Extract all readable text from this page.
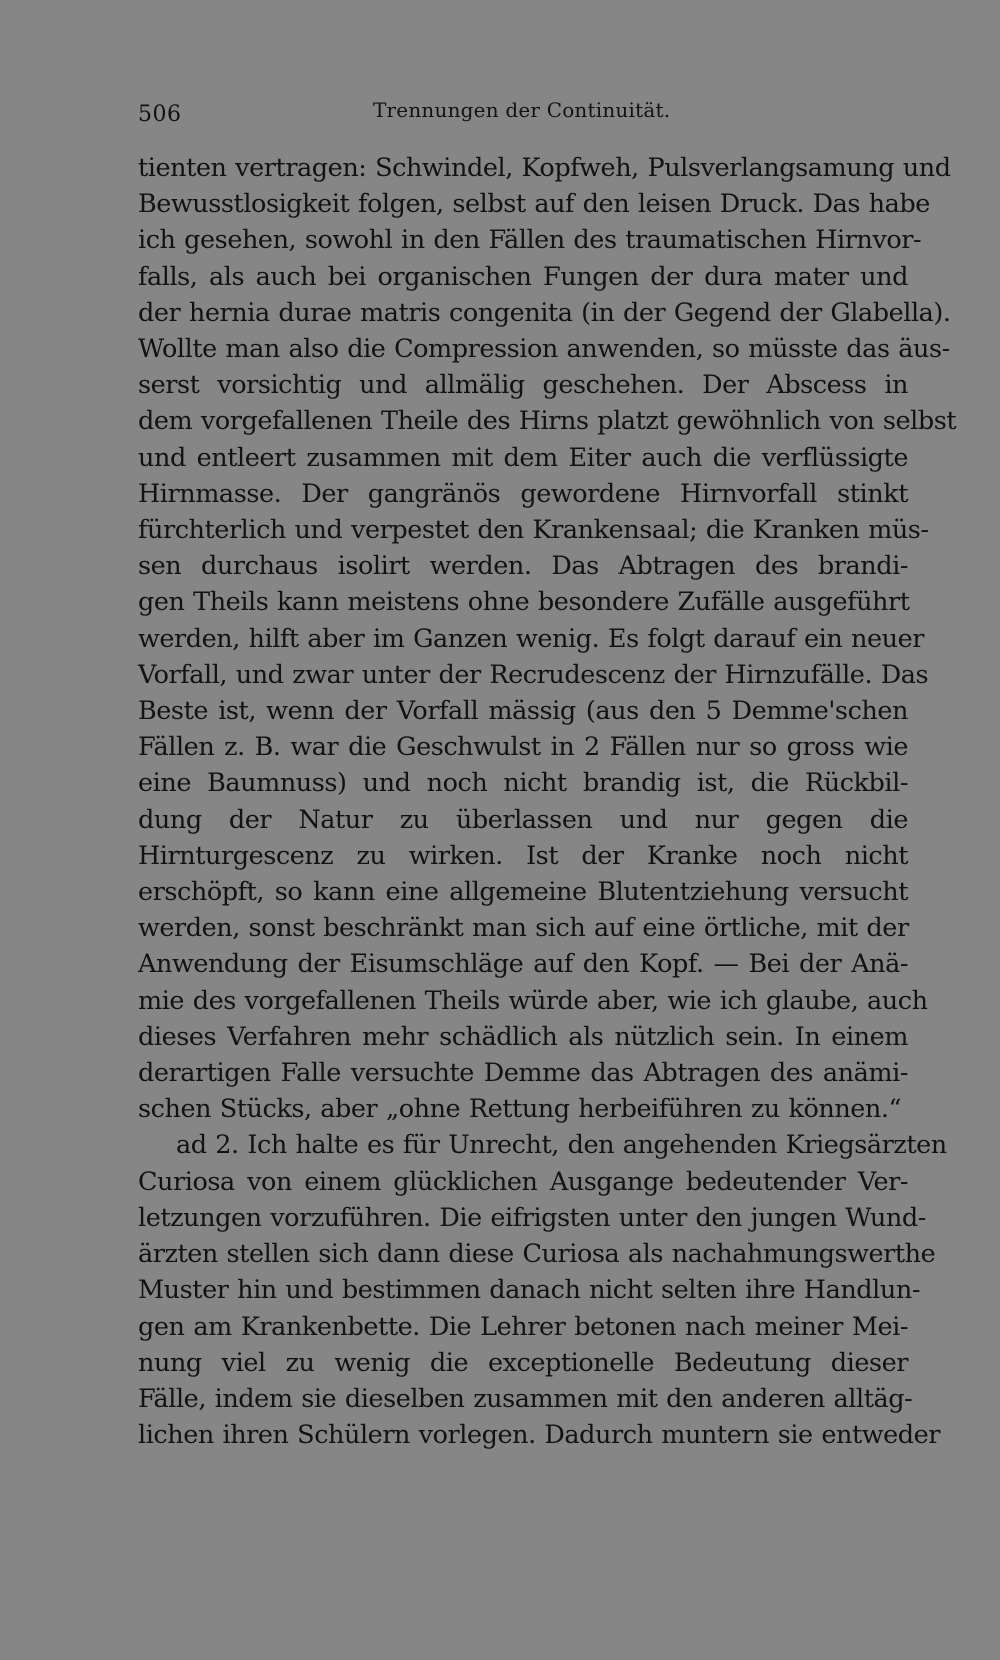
506	Trennungen der Continuität.
tienten vertragen: Schwindel, Kopfweh, Pulsverlangsamung und
Bewusstlosigkeit folgen, selbst auf den leisen Druck. Das habe
ich gesehen, sowohl in den Fällen des traumatischen Hirnvor-
falls, als auch bei organischen Fungen der dura mater und
der hernia durae matris congenita (in der Gegend der Glabella).
Wollte man also die Compression anwenden, so müsste das äus-
serst vorsichtig und allmälig geschehen. Der Abscess in
dem vorgefallenen Theile des Hirns platzt gewöhnlich von selbst
und entleert zusammen mit dem Eiter auch die verflüssigte
Hirnmasse. Der gangränös gewordene Hirnvorfall stinkt
fürchterlich und verpestet den Krankensaal; die Kranken müs-
sen durchaus isolirt werden. Das Abtragen des brandi-
gen Theils kann meistens ohne besondere Zufälle ausgeführt
werden, hilft aber im Ganzen wenig. Es folgt darauf ein neuer
Vorfall, und zwar unter der Recrudescenz der Hirnzufälle. Das
Beste ist, wenn der Vorfall mässig (aus den 5 Demme'schen
Fällen z. B. war die Geschwulst in 2 Fällen nur so gross wie
eine Baumnuss) und noch nicht brandig ist, die Rückbil-
dung der Natur zu überlassen und nur gegen die
Hirnturgescenz zu wirken. Ist der Kranke noch nicht
erschöpft, so kann eine allgemeine Blutentziehung versucht
werden, sonst beschränkt man sich auf eine örtliche, mit der
Anwendung der Eisumschläge auf den Kopf. — Bei der Anä-
mie des vorgefallenen Theils würde aber, wie ich glaube, auch
dieses Verfahren mehr schädlich als nützlich sein. In einem
derartigen Falle versuchte Demme das Abtragen des anämi-
schen Stücks, aber „ohne Rettung herbeiführen zu können.“
ad 2. Ich halte es für Unrecht, den angehenden Kriegsärzten
Curiosa von einem glücklichen Ausgange bedeutender Ver-
letzungen vorzuführen. Die eifrigsten unter den jungen Wund-
ärzten stellen sich dann diese Curiosa als nachahmungswerthe
Muster hin und bestimmen danach nicht selten ihre Handlun-
gen am Krankenbette. Die Lehrer betonen nach meiner Mei-
nung viel zu wenig die exceptionelle Bedeutung dieser
Fälle, indem sie dieselben zusammen mit den anderen alltäg-
lichen ihren Schülern vorlegen. Dadurch muntern sie entweder
